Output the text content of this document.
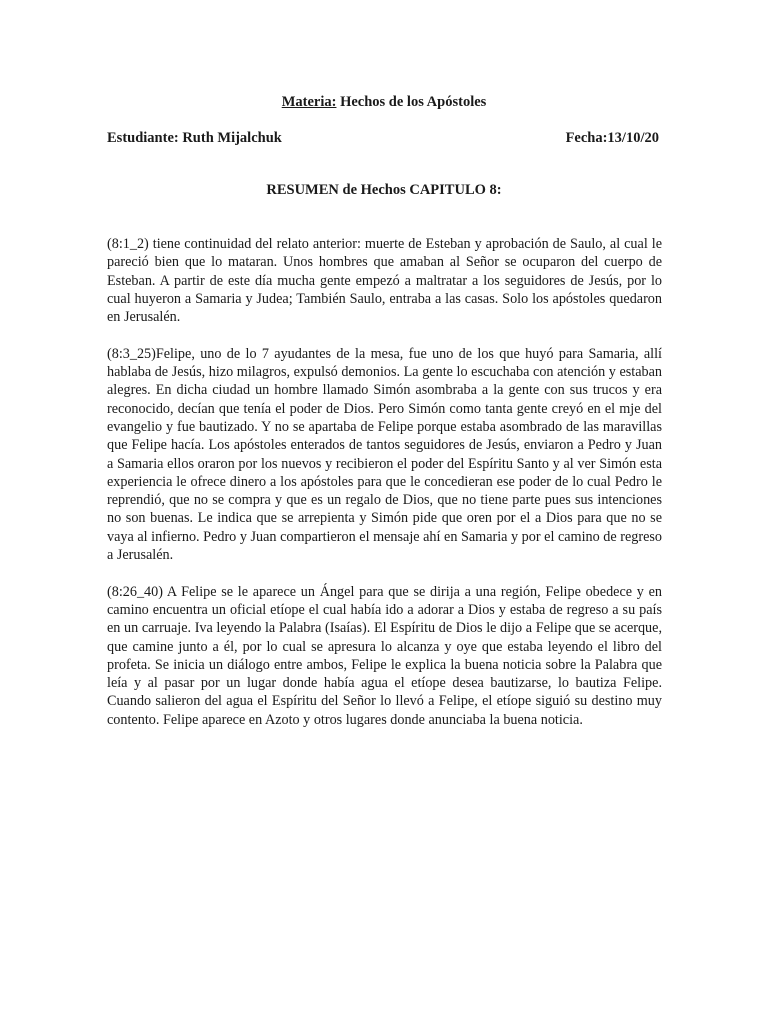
Materia: Hechos de los Apóstoles
Estudiante: Ruth Mijalchuk	Fecha:13/10/20
RESUMEN de Hechos CAPITULO 8:

(8:1_2) tiene continuidad del relato anterior: muerte de Esteban y aprobación de Saulo, al cual le pareció bien que lo mataran. Unos hombres que amaban al Señor se ocuparon del cuerpo de Esteban. A partir de este día mucha gente empezó a maltratar a los seguidores de Jesús, por lo cual huyeron a Samaria y Judea; También Saulo, entraba a las casas. Solo los apóstoles quedaron en Jerusalén.

(8:3_25)Felipe, uno de lo 7 ayudantes de la mesa, fue uno de los que huyó para Samaria, allí hablaba de Jesús, hizo milagros, expulsó demonios. La gente lo escuchaba con atención y estaban alegres. En dicha ciudad un hombre llamado Simón asombraba a la gente con sus trucos y era reconocido, decían que tenía el poder de Dios. Pero Simón como tanta gente creyó en el mje del evangelio y fue bautizado. Y no se apartaba de Felipe porque estaba asombrado de las maravillas que Felipe hacía. Los apóstoles enterados de tantos seguidores de Jesús, enviaron a Pedro y Juan a Samaria ellos oraron por los nuevos y recibieron el poder del Espíritu Santo y al ver Simón esta experiencia le ofrece dinero a los apóstoles para que le concedieran ese poder de lo cual Pedro le reprendió, que no se compra y que es un regalo de Dios, que no tiene parte pues sus intenciones no son buenas. Le indica que se arrepienta y Simón pide que oren por el a Dios para que no se vaya al infierno. Pedro y Juan compartieron el mensaje ahí en Samaria y por el camino de regreso a Jerusalén.

(8:26_40) A Felipe se le aparece un Ángel para que se dirija a una región, Felipe obedece y en camino encuentra un oficial etíope el cual había ido a adorar a Dios y estaba de regreso a su país en un carruaje. Iva leyendo la Palabra (Isaías). El Espíritu de Dios le dijo a Felipe que se acerque, que camine junto a él, por lo cual se apresura lo alcanza y oye que estaba leyendo el libro del profeta. Se inicia un diálogo entre ambos, Felipe le explica la buena noticia sobre la Palabra que leía y al pasar por un lugar donde había agua el etíope desea bautizarse, lo bautiza Felipe. Cuando salieron del agua el Espíritu del Señor lo llevó a Felipe, el etíope siguió su destino muy contento. Felipe aparece en Azoto y otros lugares donde anunciaba la buena noticia.
